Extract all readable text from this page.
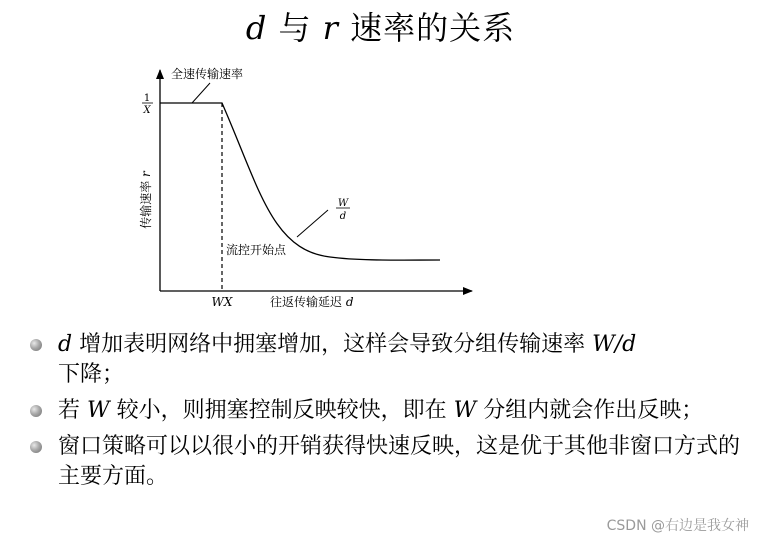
d 与 r 速率的关系
全速传输速率
1
X
传输速率 r
W
d
流控开始点
WX	往返传输延迟 d
d 增加表明网络中拥塞增加，这样会导致分组传输速率 W/d
下降；
若 W 较小，则拥塞控制反映较快，即在 W 分组内就会作出反映；
窗口策略可以以很小的开销获得快速反映，这是优于其他非窗口方式的主要方面。
CSDN @右边是我女神
